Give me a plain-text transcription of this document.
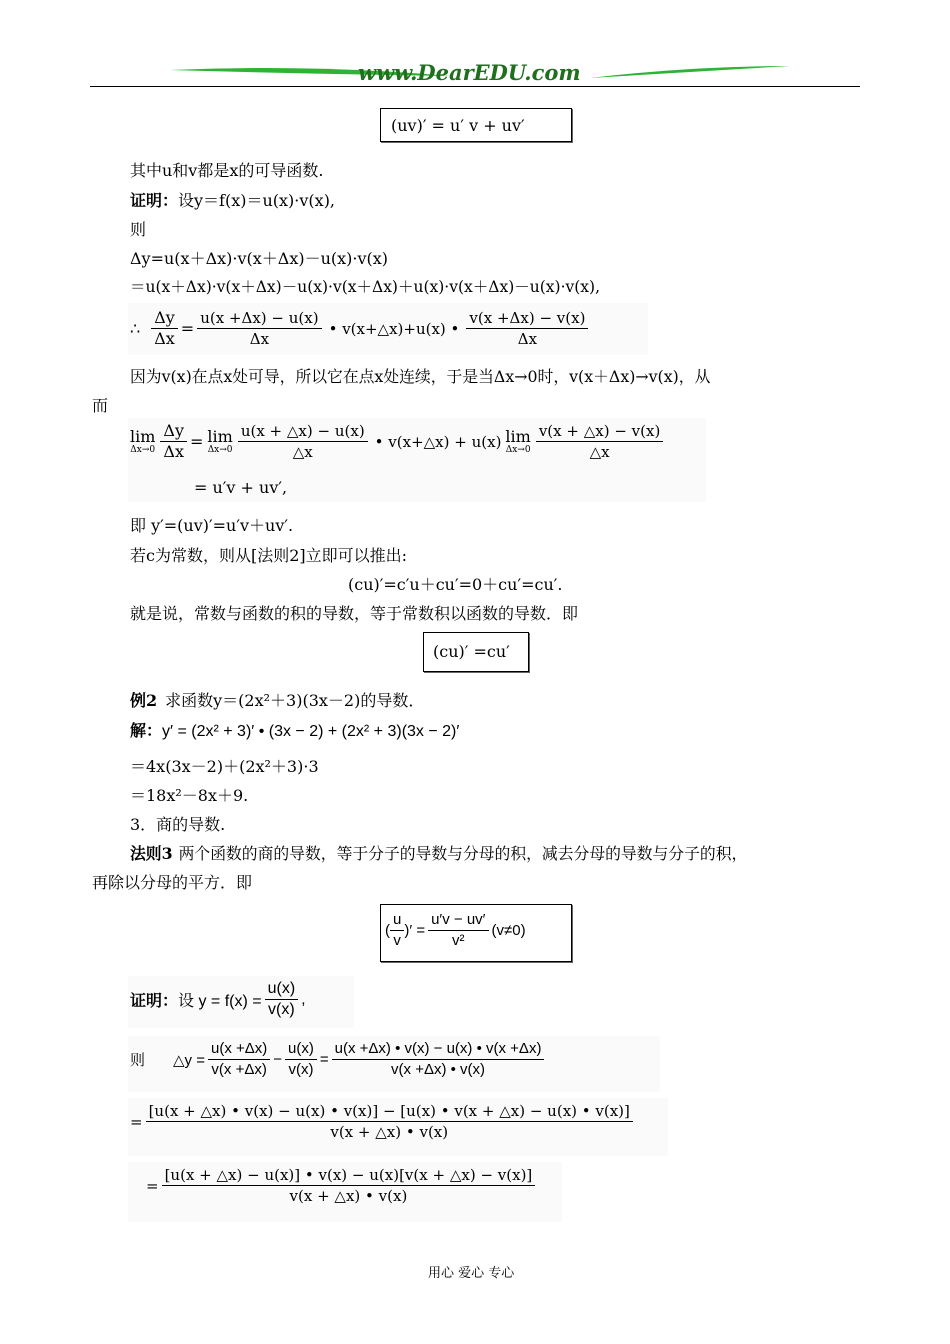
www.DearEDU.com
(uv)′ = u′ v + uv′
其中u和v都是x的可导函数.
证明：设y＝f(x)＝u(x)·v(x),
则
Δy=u(x＋Δx)·v(x＋Δx)－u(x)·v(x)
＝u(x＋Δx)·v(x＋Δx)－u(x)·v(x＋Δx)＋u(x)·v(x＋Δx)－u(x)·v(x),
∴ $\frac{\Delta y}{\Delta x} = \frac{u(x +\Delta x) - u(x)}{\Delta x}$ • v(x+△x)+u(x) • $\frac{v(x +\Delta x) - v(x)}{\Delta x}$
因为v(x)在点x处可导，所以它在点x处连续，于是当Δx→0时，v(x＋Δx)→v(x)，从
而
lim
$\Delta x\to 0 \frac{\Delta y}{\Delta x} = \lim$
$\Delta x\to 0 \frac{u(x + \triangle x) - u(x)}{\triangle x}$ • v(x+△x) + u(x) lim
$\Delta x\to 0 \frac{v(x + \triangle x) - v(x)}{\triangle x}$
= u′v + uv′,
即 y′=(uv)′=u′v＋uv′.
若c为常数，则从[法则2]立即可以推出:
(cu)′=c′u＋cu′=0＋cu′=cu′.
就是说，常数与函数的积的导数，等于常数积以函数的导数．即
(cu)′ =cu′
例2 求函数y＝(2x²＋3)(3x－2)的导数．
解：y′ = (2x² + 3)′ • (3x − 2) + (2x² + 3)(3x − 2)′
＝4x(3x－2)＋(2x²＋3)·3
＝18x²－8x＋9.
3．商的导数.
法则3 两个函数的商的导数，等于分子的导数与分母的积，减去分母的导数与分子的积，
再除以分母的平方．即
( $\frac{u}{v}$ )′ = $\frac{u'v - uv'}{\text{v²}} (v\ne 0)$
证明： 设 $y = f(x) = \frac{u(x)}{v(x)}$ ,
则 △y = $\frac{u(x +\Delta x)}{v(x +\Delta x)} - \frac{u(x)}{v(x)} = \frac{u(x +\Delta x) • v(x) - u(x) • v(x +\Delta x)}{v(x +\Delta x) • v(x)}$
=
[u(x + △x) • v(x) − u(x) • v(x)] − [u(x) • v(x + △x) − u(x) • v(x)]
v(x + △x) • v(x)
= $\frac{[u(x + \triangle x) - u(x)] • v(x) - u(x)[v(x + \triangle x) - v(x)]}{v(x + \triangle x) • v(x)}$
用心 爱心 专心
